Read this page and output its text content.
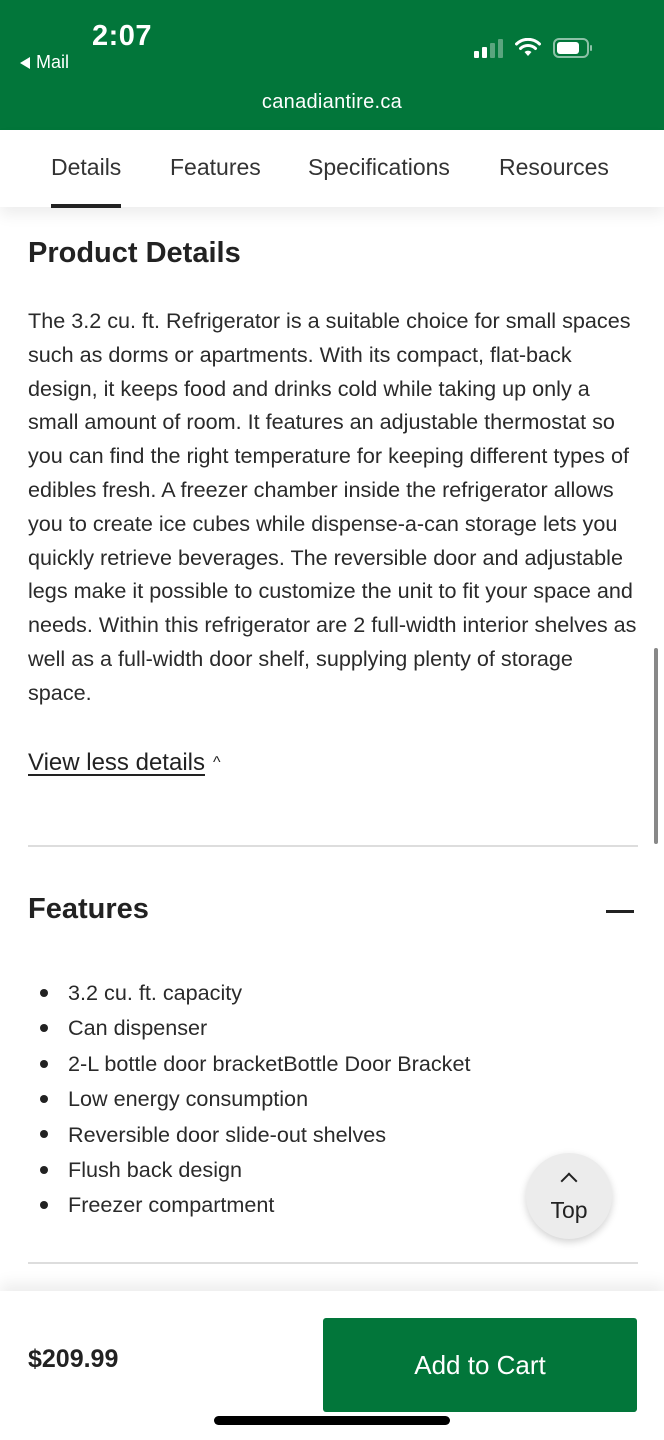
2:07
Mail
canadiantire.ca
Details Features Specifications Resources
Product Details

The 3.2 cu. ft. Refrigerator is a suitable choice for small spaces such as dorms or apartments. With its compact, flat-back design, it keeps food and drinks cold while taking up only a small amount of room. It features an adjustable thermostat so you can find the right temperature for keeping different types of edibles fresh. A freezer chamber inside the refrigerator allows you to create ice cubes while dispense-a-can storage lets you quickly retrieve beverages. The reversible door and adjustable legs make it possible to customize the unit to fit your space and needs. Within this refrigerator are 2 full-width interior shelves as well as a full-width door shelf, supplying plenty of storage space.

View less details ^
Features
3.2 cu. ft. capacity
Can dispenser
2-L bottle door bracketBottle Door Bracket
Low energy consumption
Reversible door slide-out shelves
Flush back design
Freezer compartment	Top
$209.99	Add to Cart
